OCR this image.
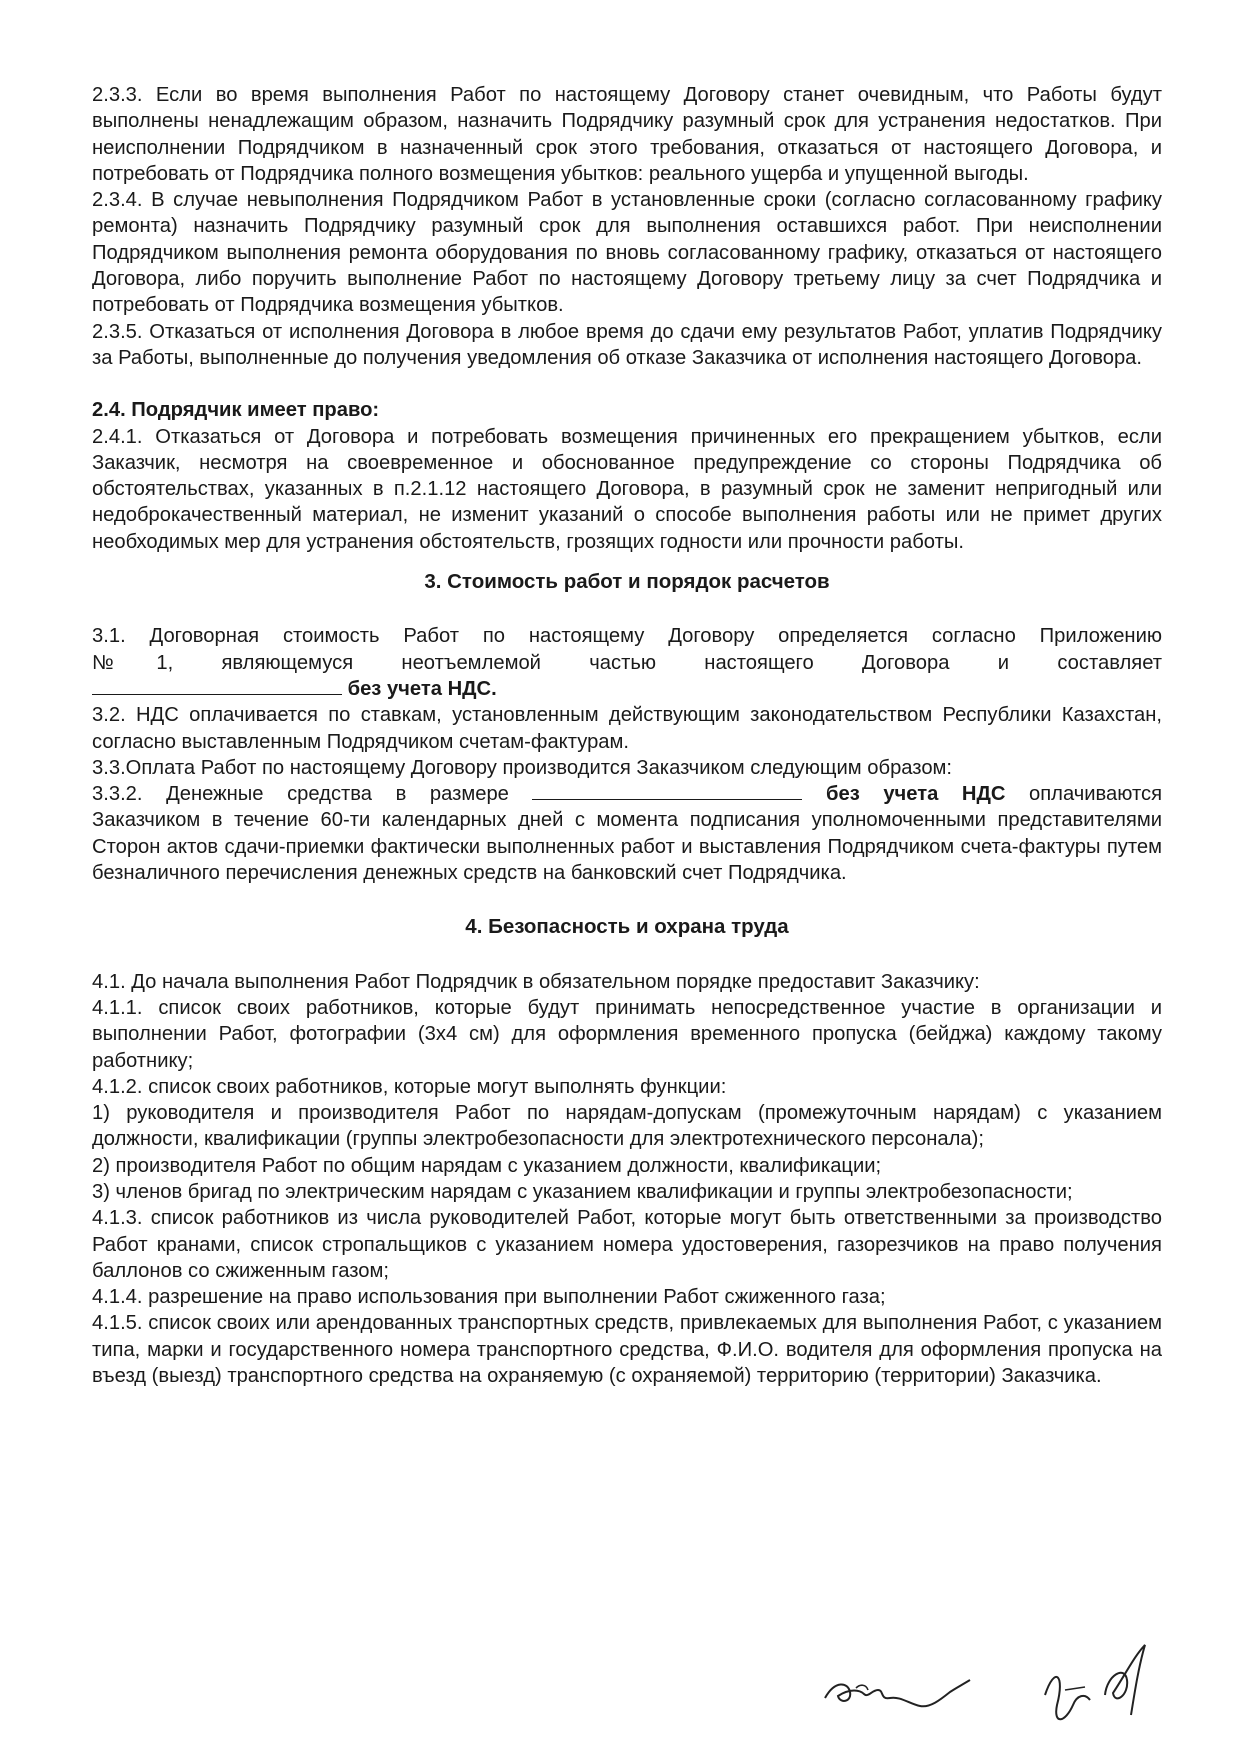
2.3.3. Если во время выполнения Работ по настоящему Договору станет очевидным, что Работы будут выполнены ненадлежащим образом, назначить Подрядчику разумный срок для устранения недостатков. При неисполнении Подрядчиком в назначенный срок этого требования, отказаться от настоящего Договора, и потребовать от Подрядчика полного возмещения убытков: реального ущерба и упущенной выгоды.

2.3.4. В случае невыполнения Подрядчиком Работ в установленные сроки (согласно согласованному графику ремонта) назначить Подрядчику разумный срок для выполнения оставшихся работ. При неисполнении Подрядчиком выполнения ремонта оборудования по вновь согласованному графику, отказаться от настоящего Договора, либо поручить выполнение Работ по настоящему Договору третьему лицу за счет Подрядчика и потребовать от Подрядчика возмещения убытков.

2.3.5. Отказаться от исполнения Договора в любое время до сдачи ему результатов Работ, уплатив Подрядчику за Работы, выполненные до получения уведомления об отказе Заказчика от исполнения настоящего Договора.

2.4. Подрядчик имеет право:

2.4.1. Отказаться от Договора и потребовать возмещения причиненных его прекращением убытков, если Заказчик, несмотря на своевременное и обоснованное предупреждение со стороны Подрядчика об обстоятельствах, указанных в п.2.1.12 настоящего Договора, в разумный срок не заменит непригодный или недоброкачественный материал, не изменит указаний о способе выполнения работы или не примет других необходимых мер для устранения обстоятельств, грозящих годности или прочности работы.

3. Стоимость работ и порядок расчетов

3.1. Договорная стоимость Работ по настоящему Договору определяется согласно Приложению

№1, являющемуся неотъемлемой частью настоящего Договора и составляет

без учета НДС.

3.2. НДС оплачивается по ставкам, установленным действующим законодательством Республики Казахстан, согласно выставленным Подрядчиком счетам-фактурам.

3.3.Оплата Работ по настоящему Договору производится Заказчиком следующим образом:

3.3.2. Денежные средства в размере	без учета НДС оплачиваются

Заказчиком в течение 60-ти календарных дней с момента подписания уполномоченными представителями Сторон актов сдачи-приемки фактически выполненных работ и выставления Подрядчиком счета-фактуры путем безналичного перечисления денежных средств на банковский счет Подрядчика.

4. Безопасность и охрана труда

4.1. До начала выполнения Работ Подрядчик в обязательном порядке предоставит Заказчику:

4.1.1. список своих работников, которые будут принимать непосредственное участие в организации и выполнении Работ, фотографии (3х4 см) для оформления временного пропуска (бейджа) каждому такому работнику;

4.1.2. список своих работников, которые могут выполнять функции:

1) руководителя и производителя Работ по нарядам-допускам (промежуточным нарядам) с указанием должности, квалификации (группы электробезопасности для электротехнического персонала);

2) производителя Работ по общим нарядам с указанием должности, квалификации;

3) членов бригад по электрическим нарядам с указанием квалификации и группы электробезопасности;

4.1.3. список работников из числа руководителей Работ, которые могут быть ответственными за производство Работ кранами, список стропальщиков с указанием номера удостоверения, газорезчиков на право получения баллонов со сжиженным газом;

4.1.4. разрешение на право использования при выполнении Работ сжиженного газа;

4.1.5. список своих или арендованных транспортных средств, привлекаемых для выполнения Работ, с указанием типа, марки и государственного номера транспортного средства, Ф.И.О. водителя для оформления пропуска на въезд (выезд) транспортного средства на охраняемую (с охраняемой) территорию (территории) Заказчика.
